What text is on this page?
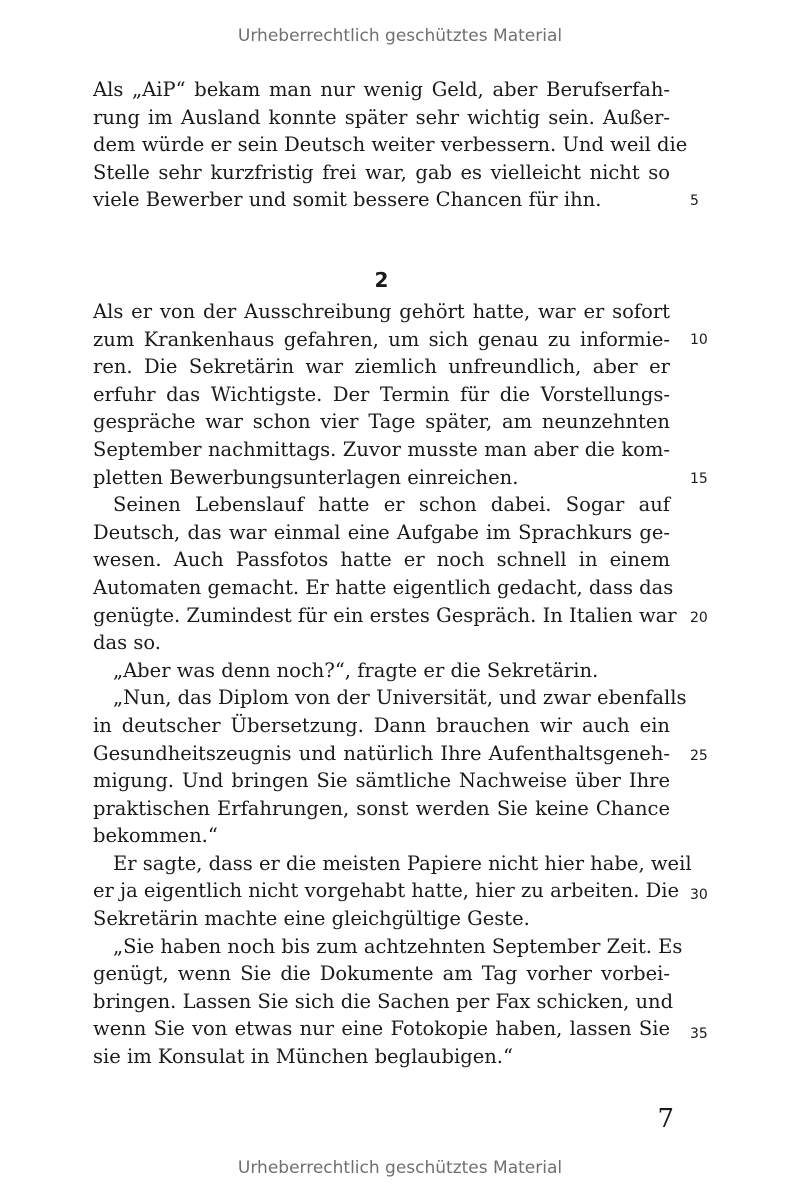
Urheberrechtlich geschütztes Material

Als „AiP“ bekam man nur wenig Geld, aber Berufserfah-
rung im Ausland konnte später sehr wichtig sein. Außer-
dem würde er sein Deutsch weiter verbessern. Und weil die
Stelle sehr kurzfristig frei war, gab es vielleicht nicht so
viele Bewerber und somit bessere Chancen für ihn.

2

Als er von der Ausschreibung gehört hatte, war er sofort
zum Krankenhaus gefahren, um sich genau zu informie-
ren. Die Sekretärin war ziemlich unfreundlich, aber er
erfuhr das Wichtigste. Der Termin für die Vorstellungs-
gespräche war schon vier Tage später, am neunzehnten
September nachmittags. Zuvor musste man aber die kom-
pletten Bewerbungsunterlagen einreichen.

Seinen Lebenslauf hatte er schon dabei. Sogar auf
Deutsch, das war einmal eine Aufgabe im Sprachkurs ge-
wesen. Auch Passfotos hatte er noch schnell in einem
Automaten gemacht. Er hatte eigentlich gedacht, dass das
genügte. Zumindest für ein erstes Gespräch. In Italien war
das so.

„Aber was denn noch?“, fragte er die Sekretärin.

„Nun, das Diplom von der Universität, und zwar ebenfalls
in deutscher Übersetzung. Dann brauchen wir auch ein
Gesundheitszeugnis und natürlich Ihre Aufenthaltsgeneh-
migung. Und bringen Sie sämtliche Nachweise über Ihre
praktischen Erfahrungen, sonst werden Sie keine Chance
bekommen.“

Er sagte, dass er die meisten Papiere nicht hier habe, weil
er ja eigentlich nicht vorgehabt hatte, hier zu arbeiten. Die
Sekretärin machte eine gleichgültige Geste.

„Sie haben noch bis zum achtzehnten September Zeit. Es
genügt, wenn Sie die Dokumente am Tag vorher vorbei-
bringen. Lassen Sie sich die Sachen per Fax schicken, und
wenn Sie von etwas nur eine Fotokopie haben, lassen Sie
sie im Konsulat in München beglaubigen.“

5
10
15
20
25
30
35
7
Urheberrechtlich geschütztes Material
